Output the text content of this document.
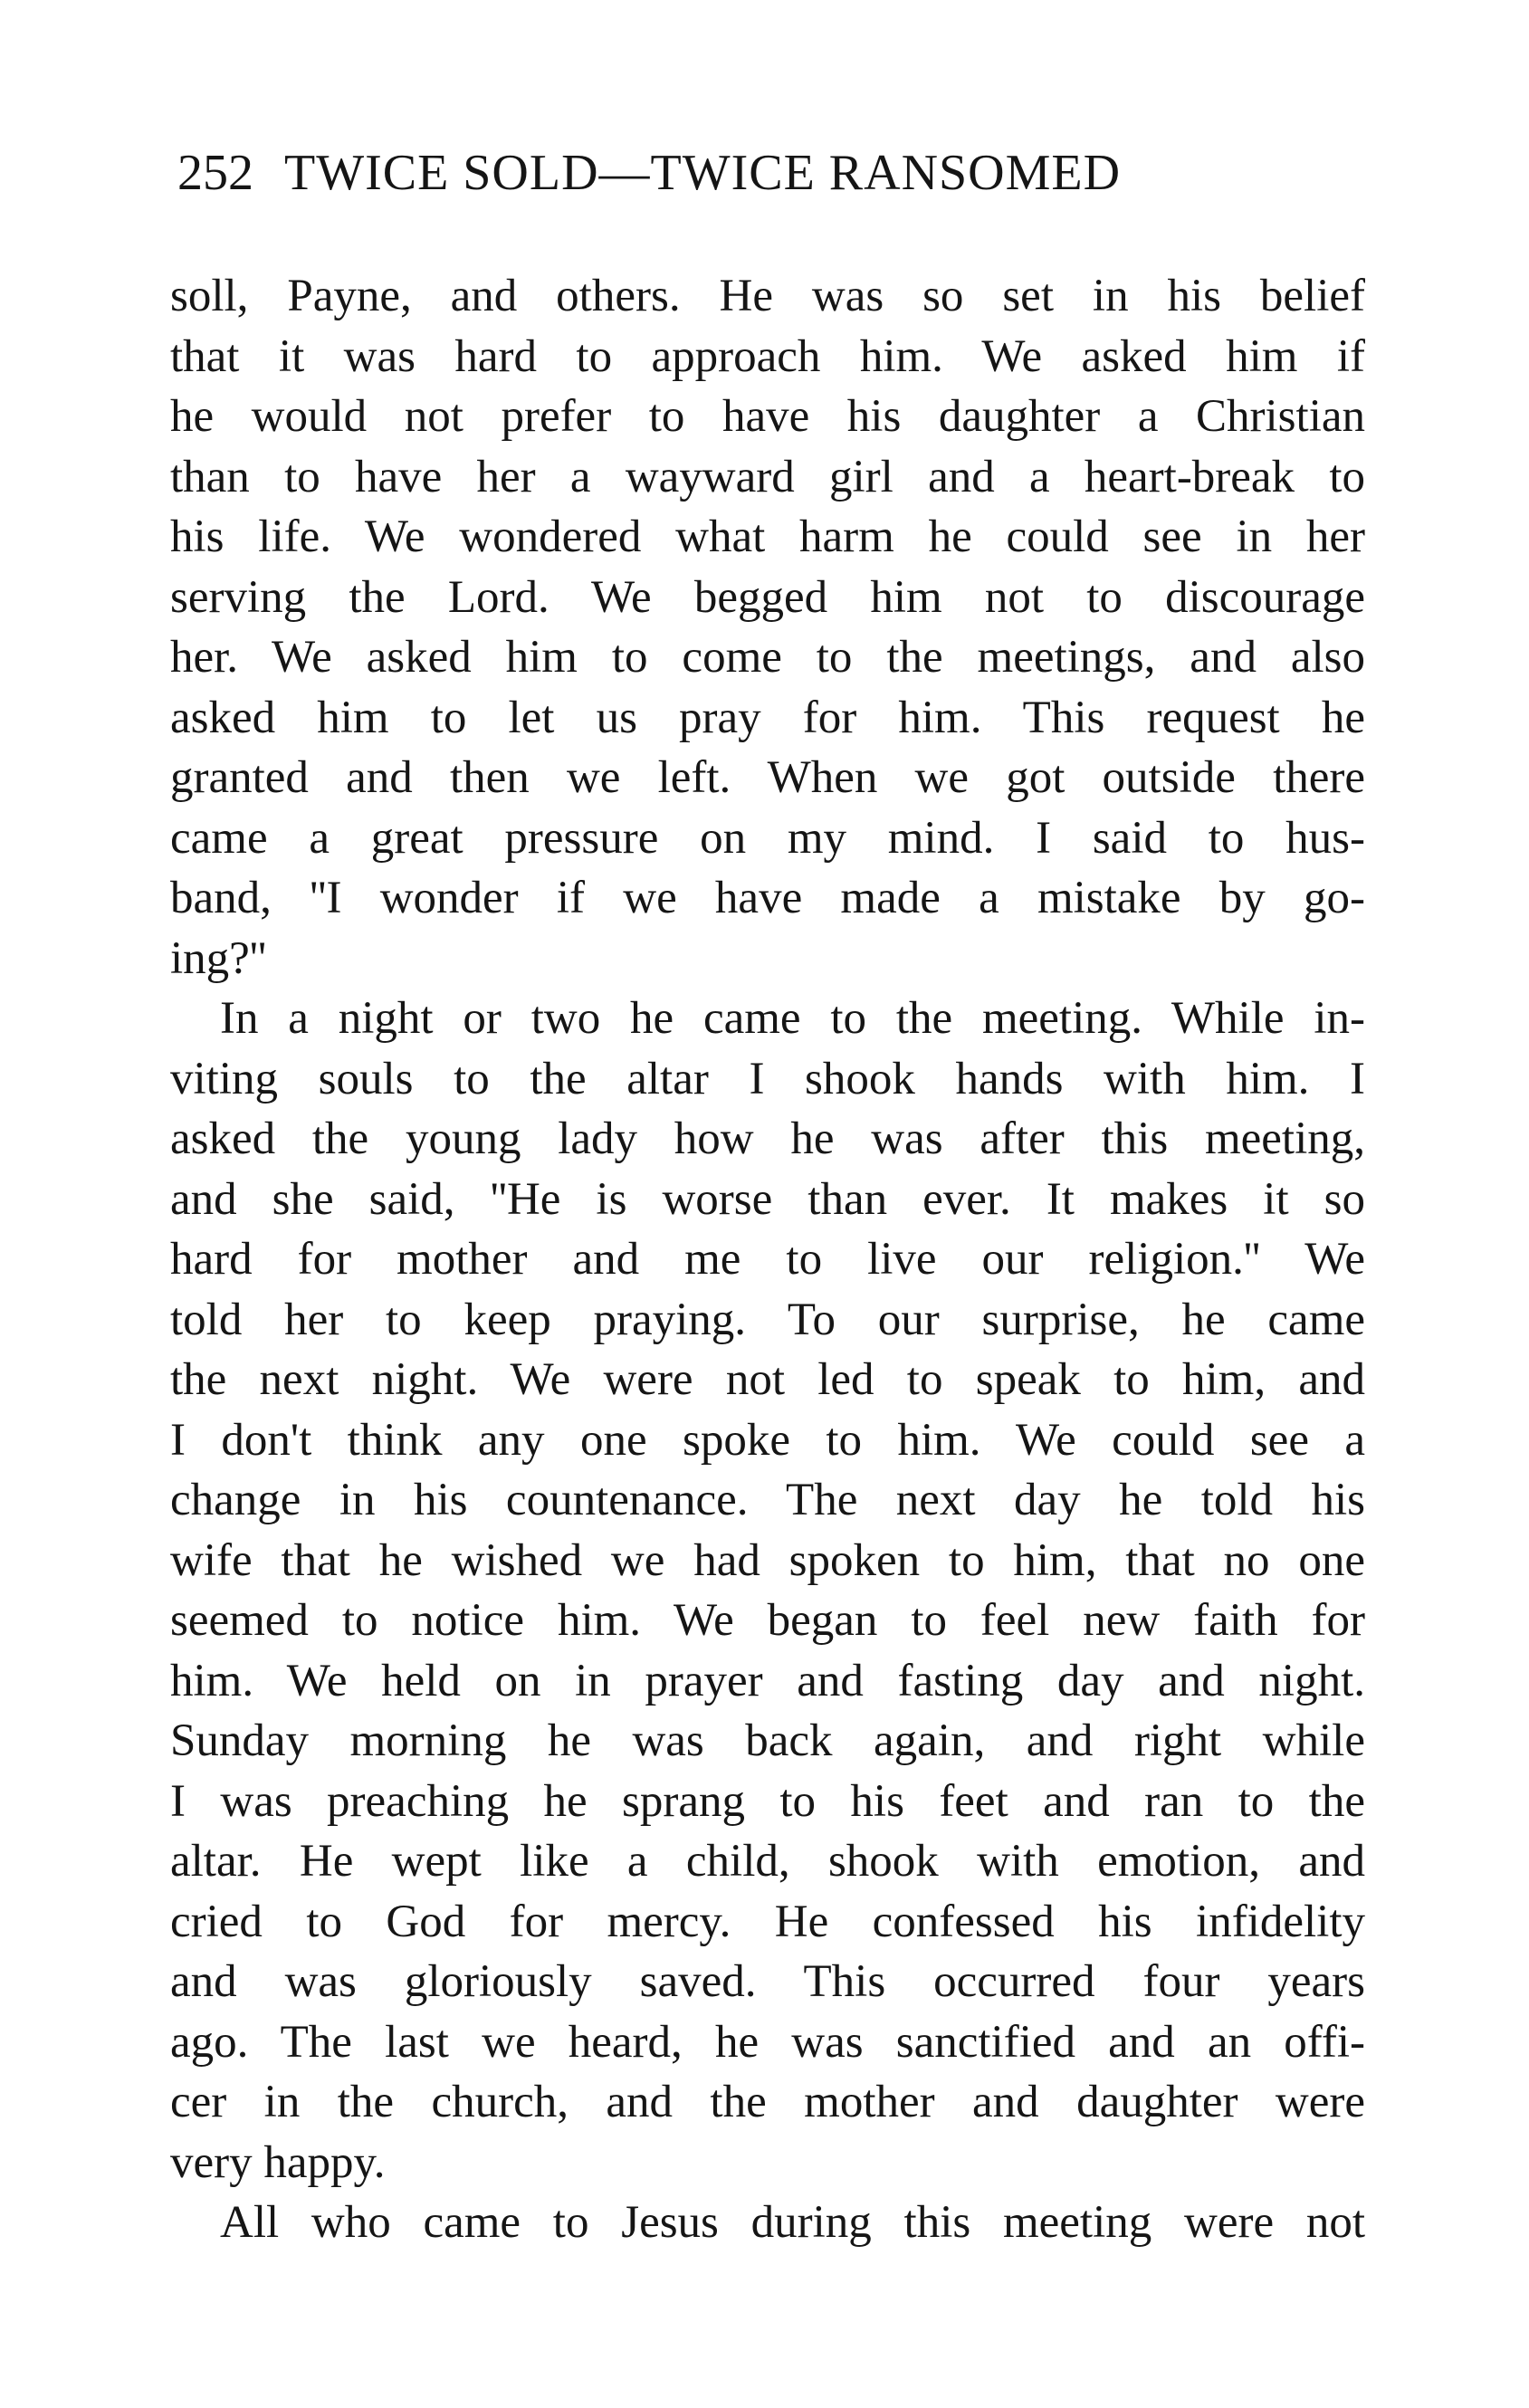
252 TWICE SOLD—TWICE RANSOMED
soll, Payne, and others. He was so set in his belief
that it was hard to approach him. We asked him if
he would not prefer to have his daughter a Christian
than to have her a wayward girl and a heart-break to
his life. We wondered what harm he could see in her
serving the Lord. We begged him not to discourage
her. We asked him to come to the meetings, and also
asked him to let us pray for him. This request he
granted and then we left. When we got outside there
came a great pressure on my mind. I said to hus-
band, ''I wonder if we have made a mistake by go-
ing?''
In a night or two he came to the meeting. While in-
viting souls to the altar I shook hands with him. I
asked the young lady how he was after this meeting,
and she said, ''He is worse than ever. It makes it so
hard for mother and me to live our religion.'' We
told her to keep praying. To our surprise, he came
the next night. We were not led to speak to him, and
I don't think any one spoke to him. We could see a
change in his countenance. The next day he told his
wife that he wished we had spoken to him, that no one
seemed to notice him. We began to feel new faith for
him. We held on in prayer and fasting day and night.
Sunday morning he was back again, and right while
I was preaching he sprang to his feet and ran to the
altar. He wept like a child, shook with emotion, and
cried to God for mercy. He confessed his infidelity
and was gloriously saved. This occurred four years
ago. The last we heard, he was sanctified and an offi-
cer in the church, and the mother and daughter were
very happy.
All who came to Jesus during this meeting were not
